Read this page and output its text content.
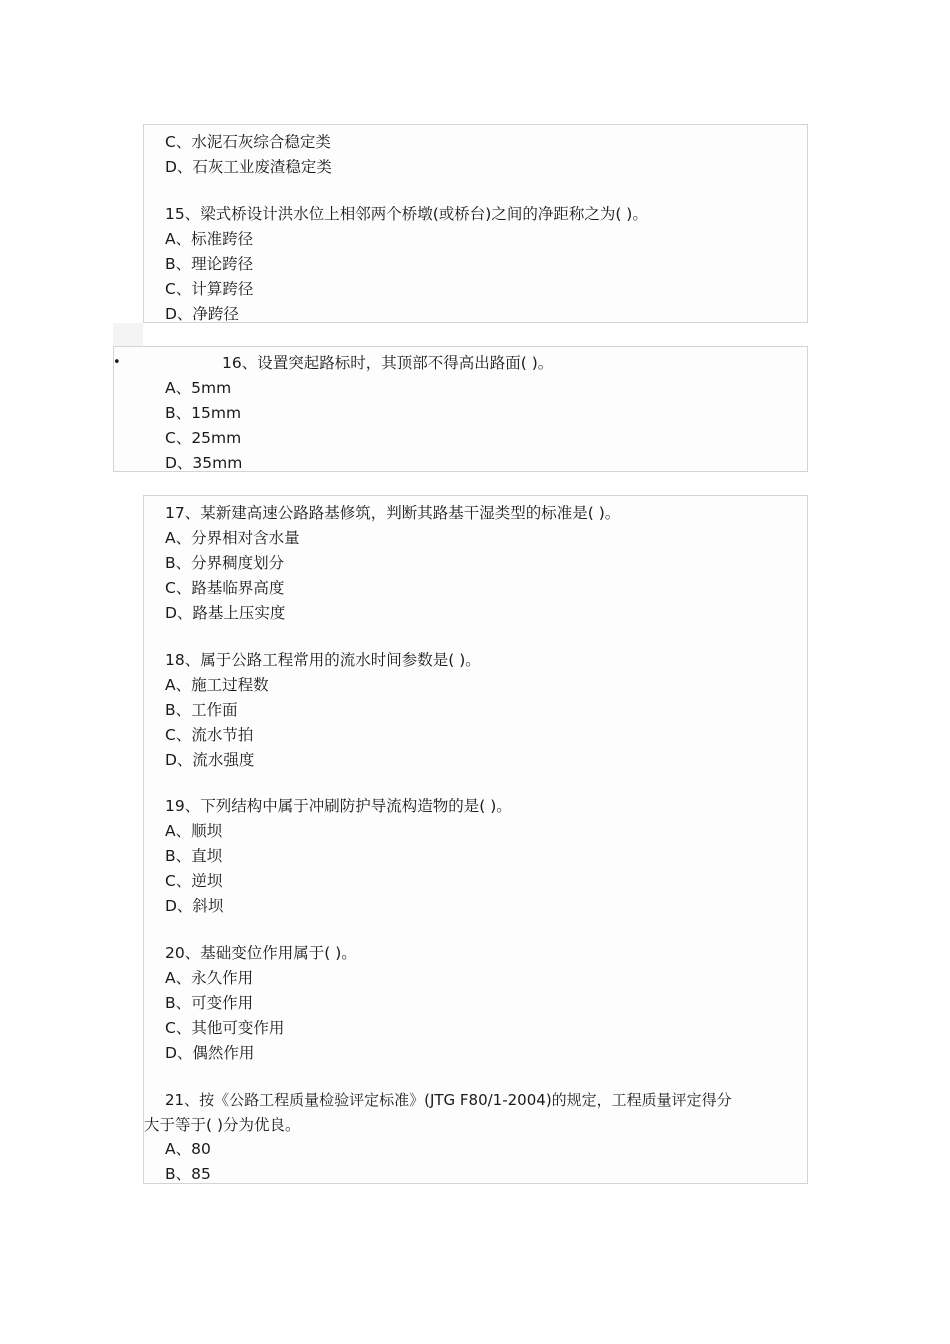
C、水泥石灰综合稳定类
D、石灰工业废渣稳定类
15、梁式桥设计洪水位上相邻两个桥墩(或桥台)之间的净距称之为( )。
A、标准跨径
B、理论跨径
C、计算跨径
D、净跨径
•	16、设置突起路标时，其顶部不得高出路面( )。
A、5mm
B、15mm
C、25mm
D、35mm
17、某新建高速公路路基修筑，判断其路基干湿类型的标准是( )。
A、分界相对含水量
B、分界稠度划分
C、路基临界高度
D、路基上压实度
18、属于公路工程常用的流水时间参数是( )。
A、施工过程数
B、工作面
C、流水节拍
D、流水强度
19、下列结构中属于冲刷防护导流构造物的是( )。
A、顺坝
B、直坝
C、逆坝
D、斜坝
20、基础变位作用属于( )。
A、永久作用
B、可变作用
C、其他可变作用
D、偶然作用
21、按《公路工程质量检验评定标准》(JTG F80/1-2004)的规定，工程质量评定得分
大于等于( )分为优良。
A、80
B、85
